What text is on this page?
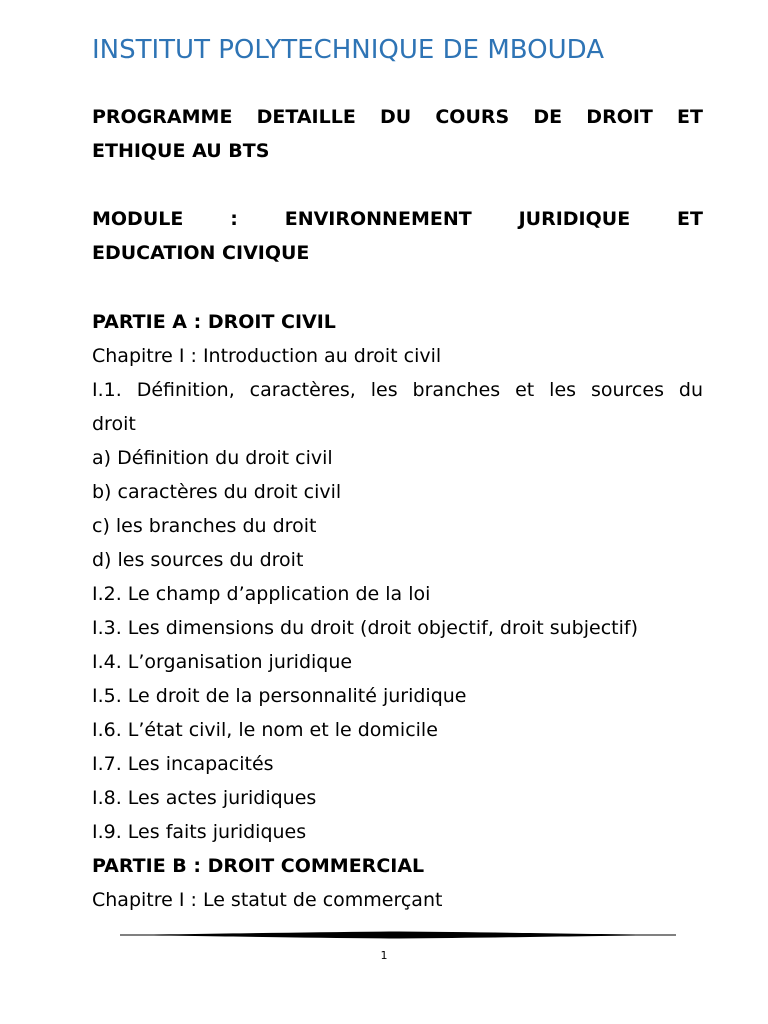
INSTITUT POLYTECHNIQUE DE MBOUDA
PROGRAMME DETAILLE DU COURS DE DROIT ET
ETHIQUE AU BTS
MODULE : ENVIRONNEMENT JURIDIQUE ET
EDUCATION CIVIQUE
PARTIE A : DROIT CIVIL
Chapitre I : Introduction au droit civil
I.1. Définition, caractères, les branches et les sources du
droit
a) Définition du droit civil
b) caractères du droit civil
c) les branches du droit
d) les sources du droit
I.2. Le champ d’application de la loi
I.3. Les dimensions du droit (droit objectif, droit subjectif)
I.4. L’organisation juridique
I.5. Le droit de la personnalité juridique
I.6. L’état civil, le nom et le domicile
I.7. Les incapacités
I.8. Les actes juridiques
I.9. Les faits juridiques
PARTIE B : DROIT COMMERCIAL
Chapitre I : Le statut de commerçant
1
